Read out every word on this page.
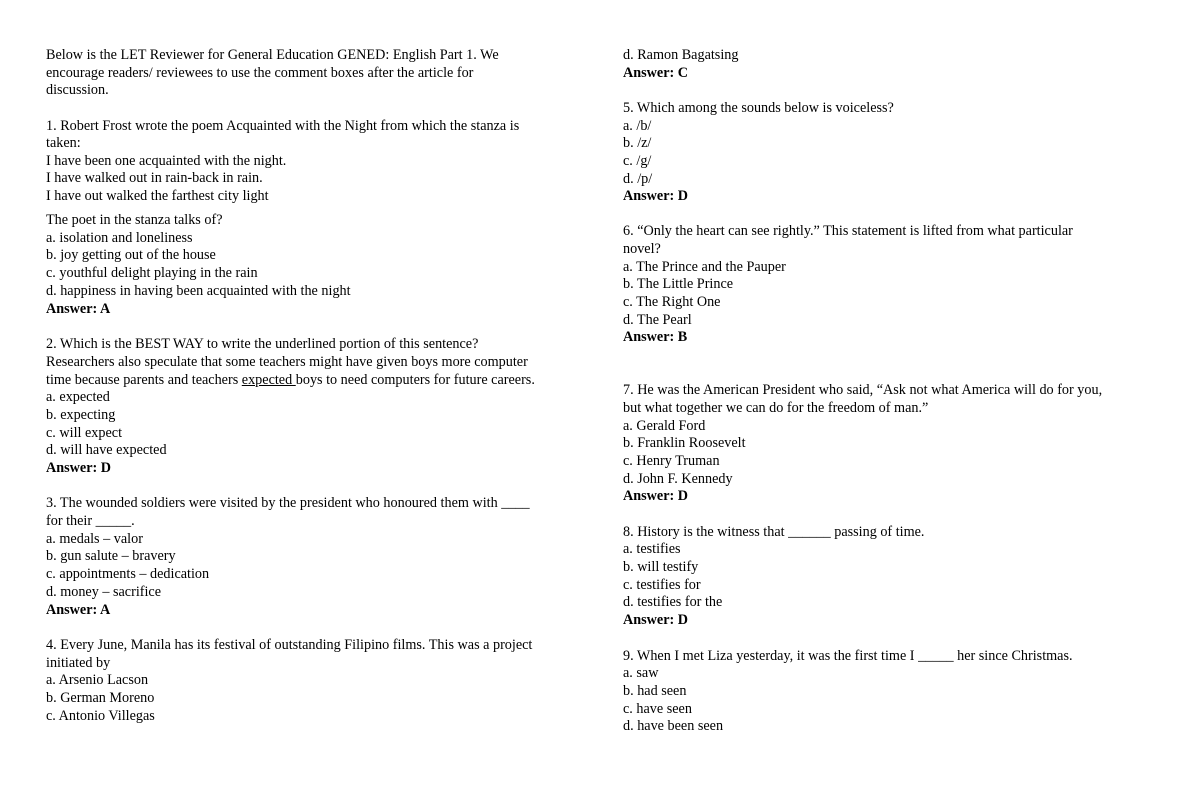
Below is the LET Reviewer for General Education GENED: English Part 1. We
encourage readers/ reviewees to use the comment boxes after the article for
discussion.
1. Robert Frost wrote the poem Acquainted with the Night from which the stanza is
taken:
I have been one acquainted with the night.
I have walked out in rain-back in rain.
I have out walked the farthest city light
The poet in the stanza talks of?
a. isolation and loneliness
b. joy getting out of the house
c. youthful delight playing in the rain
d. happiness in having been acquainted with the night
Answer: A
2. Which is the BEST WAY to write the underlined portion of this sentence?
Researchers also speculate that some teachers might have given boys more computer
time because parents and teachers expected boys to need computers for future careers.
a. expected
b. expecting
c. will expect
d. will have expected
Answer: D
3. The wounded soldiers were visited by the president who honoured them with ____
for their _____.
a. medals – valor
b. gun salute – bravery
c. appointments – dedication
d. money – sacrifice
Answer: A
4. Every June, Manila has its festival of outstanding Filipino films. This was a project
initiated by
a. Arsenio Lacson
b. German Moreno
c. Antonio Villegas
d. Ramon Bagatsing
Answer: C
5. Which among the sounds below is voiceless?
a. /b/
b. /z/
c. /g/
d. /p/
Answer: D
6. “Only the heart can see rightly.” This statement is lifted from what particular
novel?
a. The Prince and the Pauper
b. The Little Prince
c. The Right One
d. The Pearl
Answer: B
7. He was the American President who said, “Ask not what America will do for you,
but what together we can do for the freedom of man.”
a. Gerald Ford
b. Franklin Roosevelt
c. Henry Truman
d. John F. Kennedy
Answer: D
8. History is the witness that ______ passing of time.
a. testifies
b. will testify
c. testifies for
d. testifies for the
Answer: D
9. When I met Liza yesterday, it was the first time I _____ her since Christmas.
a. saw
b. had seen
c. have seen
d. have been seen
